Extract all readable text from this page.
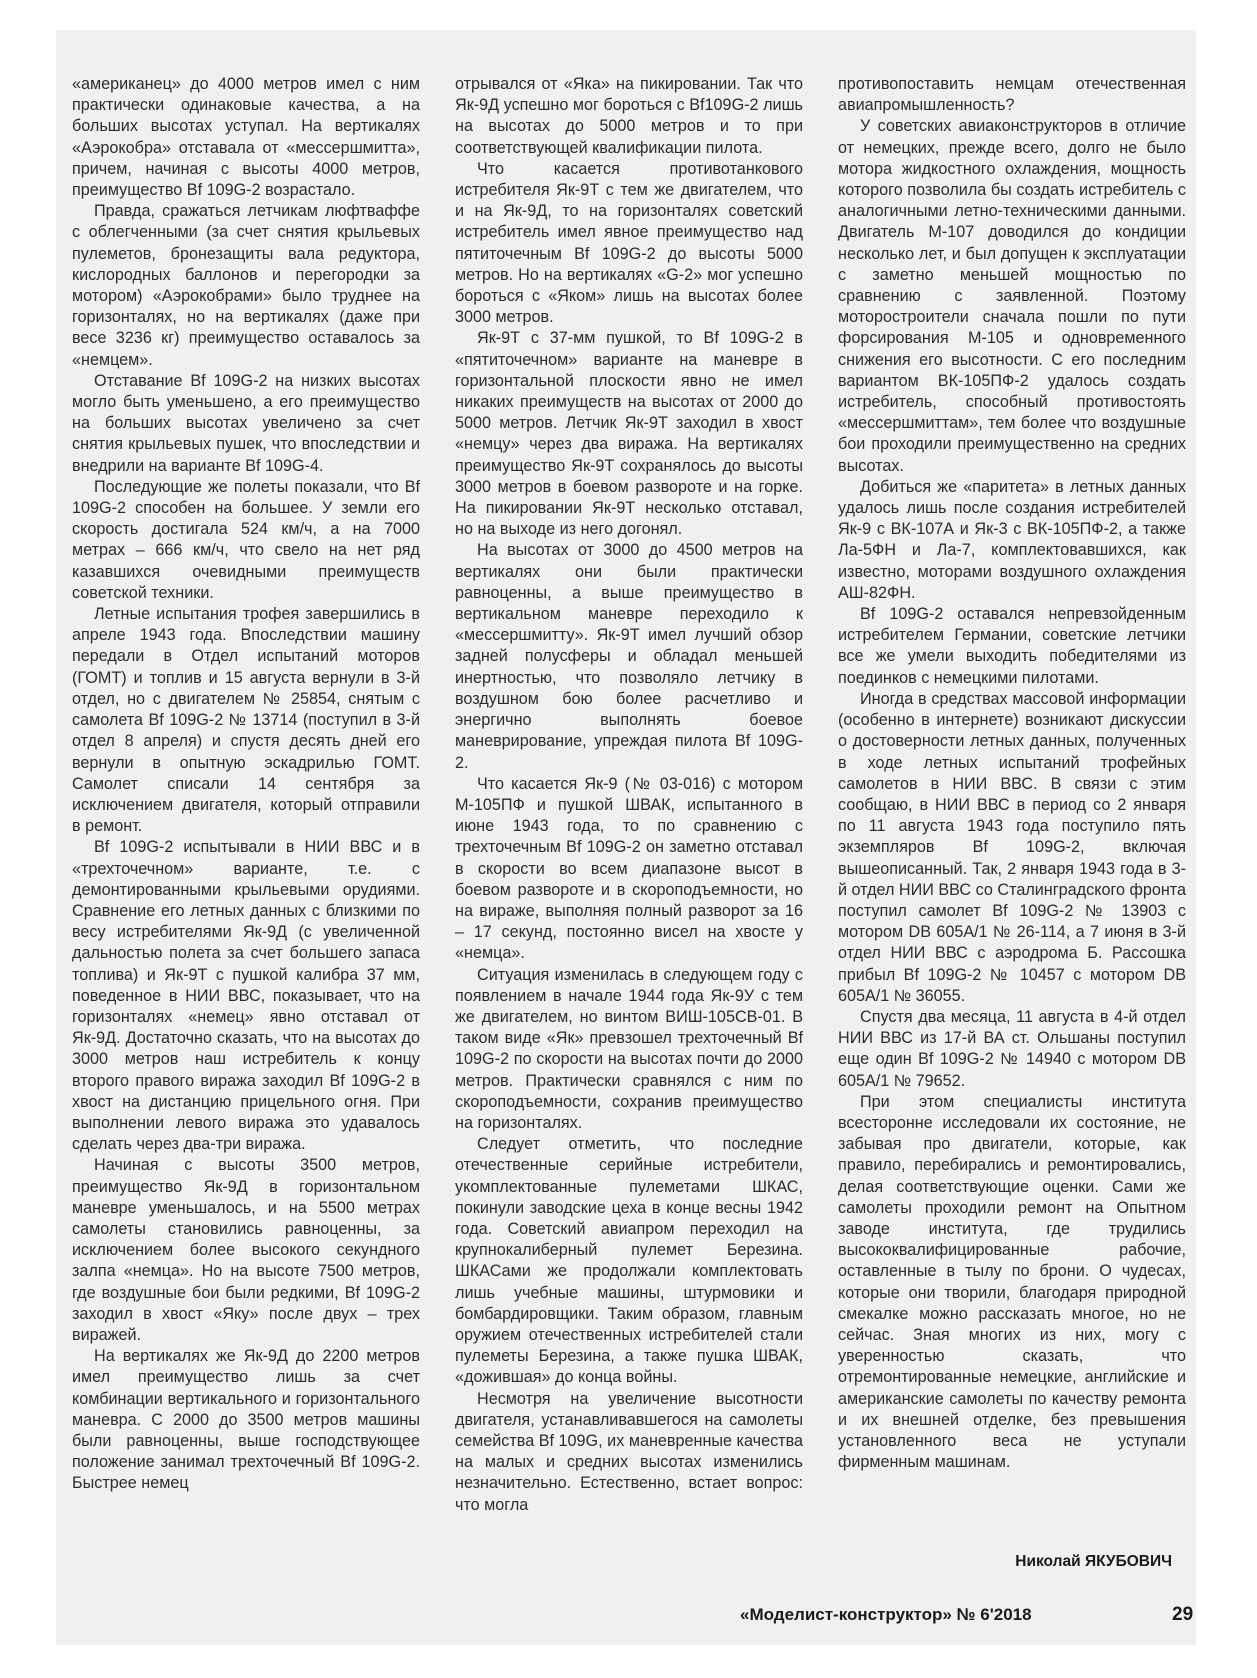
«американец» до 4000 метров имел с ним практически одинаковые качества, а на больших высотах уступал. На вертикалях «Аэрокобра» отставала от «мессершмитта», причем, начиная с высоты 4000 метров, преимущество Bf 109G-2 возрастало.

Правда, сражаться летчикам люфтваффе с облегченными (за счет снятия крыльевых пулеметов, бронезащиты вала редуктора, кислородных баллонов и перегородки за мотором) «Аэрокобрами» было труднее на горизонталях, но на вертикалях (даже при весе 3236 кг) преимущество оставалось за «немцем».

Отставание Bf 109G-2 на низких высотах могло быть уменьшено, а его преимущество на больших высотах увеличено за счет снятия крыльевых пушек, что впоследствии и внедрили на варианте Bf 109G-4.

Последующие же полеты показали, что Bf 109G-2 способен на большее. У земли его скорость достигала 524 км/ч, а на 7000 метрах – 666 км/ч, что свело на нет ряд казавшихся очевидными преимуществ советской техники.

Летные испытания трофея завершились в апреле 1943 года. Впоследствии машину передали в Отдел испытаний моторов (ГОМТ) и топлив и 15 августа вернули в 3-й отдел, но с двигателем № 25854, снятым с самолета Bf 109G-2 № 13714 (поступил в 3-й отдел 8 апреля) и спустя десять дней его вернули в опытную эскадрилью ГОМТ. Самолет списали 14 сентября за исключением двигателя, который отправили в ремонт.

Bf 109G-2 испытывали в НИИ ВВС и в «трехточечном» варианте, т.е. с демонтированными крыльевыми орудиями. Сравнение его летных данных с близкими по весу истребителями Як-9Д (с увеличенной дальностью полета за счет большего запаса топлива) и Як-9Т с пушкой калибра 37 мм, поведенное в НИИ ВВС, показывает, что на горизонталях «немец» явно отставал от Як-9Д. Достаточно сказать, что на высотах до 3000 метров наш истребитель к концу второго правого виража заходил Bf 109G-2 в хвост на дистанцию прицельного огня. При выполнении левого виража это удавалось сделать через два-три виража.

Начиная с высоты 3500 метров, преимущество Як-9Д в горизонтальном маневре уменьшалось, и на 5500 метрах самолеты становились равноценны, за исключением более высокого секундного залпа «немца». Но на высоте 7500 метров, где воздушные бои были редкими, Bf 109G-2 заходил в хвост «Яку» после двух – трех виражей.

На вертикалях же Як-9Д до 2200 метров имел преимущество лишь за счет комбинации вертикального и горизонтального маневра. С 2000 до 3500 метров машины были равноценны, выше господствующее положение занимал трехточечный Bf 109G-2. Быстрее немец

отрывался от «Яка» на пикировании. Так что Як-9Д успешно мог бороться с Bf109G-2 лишь на высотах до 5000 метров и то при соответствующей квалификации пилота.

Что касается противотанкового истребителя Як-9Т с тем же двигателем, что и на Як-9Д, то на горизонталях советский истребитель имел явное преимущество над пятиточечным Bf 109G-2 до высоты 5000 метров. Но на вертикалях «G-2» мог успешно бороться с «Яком» лишь на высотах более 3000 метров.

Як-9Т с 37-мм пушкой, то Bf 109G-2 в «пятиточечном» варианте на маневре в горизонтальной плоскости явно не имел никаких преимуществ на высотах от 2000 до 5000 метров. Летчик Як-9Т заходил в хвост «немцу» через два виража. На вертикалях преимущество Як-9Т сохранялось до высоты 3000 метров в боевом развороте и на горке. На пикировании Як-9Т несколько отставал, но на выходе из него догонял.

На высотах от 3000 до 4500 метров на вертикалях они были практически равноценны, а выше преимущество в вертикальном маневре переходило к «мессершмитту». Як-9Т имел лучший обзор задней полусферы и обладал меньшей инертностью, что позволяло летчику в воздушном бою более расчетливо и энергично выполнять боевое маневрирование, упреждая пилота Bf 109G-2.

Что касается Як-9 (№ 03-016) с мотором М-105ПФ и пушкой ШВАК, испытанного в июне 1943 года, то по сравнению с трехточечным Bf 109G-2 он заметно отставал в скорости во всем диапазоне высот в боевом развороте и в скороподъемности, но на вираже, выполняя полный разворот за 16 – 17 секунд, постоянно висел на хвосте у «немца».

Ситуация изменилась в следующем году с появлением в начале 1944 года Як-9У с тем же двигателем, но винтом ВИШ-105СВ-01. В таком виде «Як» превзошел трехточечный Bf 109G-2 по скорости на высотах почти до 2000 метров. Практически сравнялся с ним по скороподъемности, сохранив преимущество на горизонталях.

Следует отметить, что последние отечественные серийные истребители, укомплектованные пулеметами ШКАС, покинули заводские цеха в конце весны 1942 года. Советский авиапром переходил на крупнокалиберный пулемет Березина. ШКАСами же продолжали комплектовать лишь учебные машины, штурмовики и бомбардировщики. Таким образом, главным оружием отечественных истребителей стали пулеметы Березина, а также пушка ШВАК, «дожившая» до конца войны.

Несмотря на увеличение высотности двигателя, устанавливавшегося на самолеты семейства Bf 109G, их маневренные качества на малых и средних высотах изменились незначительно. Естественно, встает вопрос: что могла

противопоставить немцам отечественная авиапромышленность?

У советских авиаконструкторов в отличие от немецких, прежде всего, долго не было мотора жидкостного охлаждения, мощность которого позволила бы создать истребитель с аналогичными летно-техническими данными. Двигатель М-107 доводился до кондиции несколько лет, и был допущен к эксплуатации с заметно меньшей мощностью по сравнению с заявленной. Поэтому моторостроители сначала пошли по пути форсирования М-105 и одновременного снижения его высотности. С его последним вариантом ВК-105ПФ-2 удалось создать истребитель, способный противостоять «мессершмиттам», тем более что воздушные бои проходили преимущественно на средних высотах.

Добиться же «паритета» в летных данных удалось лишь после создания истребителей Як-9 с ВК-107А и Як-3 с ВК-105ПФ-2, а также Ла-5ФН и Ла-7, комплектовавшихся, как известно, моторами воздушного охлаждения АШ-82ФН.

Bf 109G-2 оставался непревзойденным истребителем Германии, советские летчики все же умели выходить победителями из поединков с немецкими пилотами.

Иногда в средствах массовой информации (особенно в интернете) возникают дискуссии о достоверности летных данных, полученных в ходе летных испытаний трофейных самолетов в НИИ ВВС. В связи с этим сообщаю, в НИИ ВВС в период со 2 января по 11 августа 1943 года поступило пять экземпляров Bf 109G-2, включая вышеописанный. Так, 2 января 1943 года в 3-й отдел НИИ ВВС со Сталинградского фронта поступил самолет Bf 109G-2 № 13903 с мотором DB 605A/1 № 26-114, а 7 июня в 3-й отдел НИИ ВВС с аэродрома Б. Рассошка прибыл Bf 109G-2 № 10457 с мотором DB 605A/1 № 36055.

Спустя два месяца, 11 августа в 4-й отдел НИИ ВВС из 17-й ВА ст. Ольшаны поступил еще один Bf 109G-2 № 14940 с мотором DB 605A/1 № 79652.

При этом специалисты института всесторонне исследовали их состояние, не забывая про двигатели, которые, как правило, перебирались и ремонтировались, делая соответствующие оценки. Сами же самолеты проходили ремонт на Опытном заводе института, где трудились высококвалифицированные рабочие, оставленные в тылу по брони. О чудесах, которые они творили, благодаря природной смекалке можно рассказать многое, но не сейчас. Зная многих из них, могу с уверенностью сказать, что отремонтированные немецкие, английские и американские самолеты по качеству ремонта и их внешней отделке, без превышения установленного веса не уступали фирменным машинам.

Николай ЯКУБОВИЧ
«Моделист-конструктор» № 6'2018	29
